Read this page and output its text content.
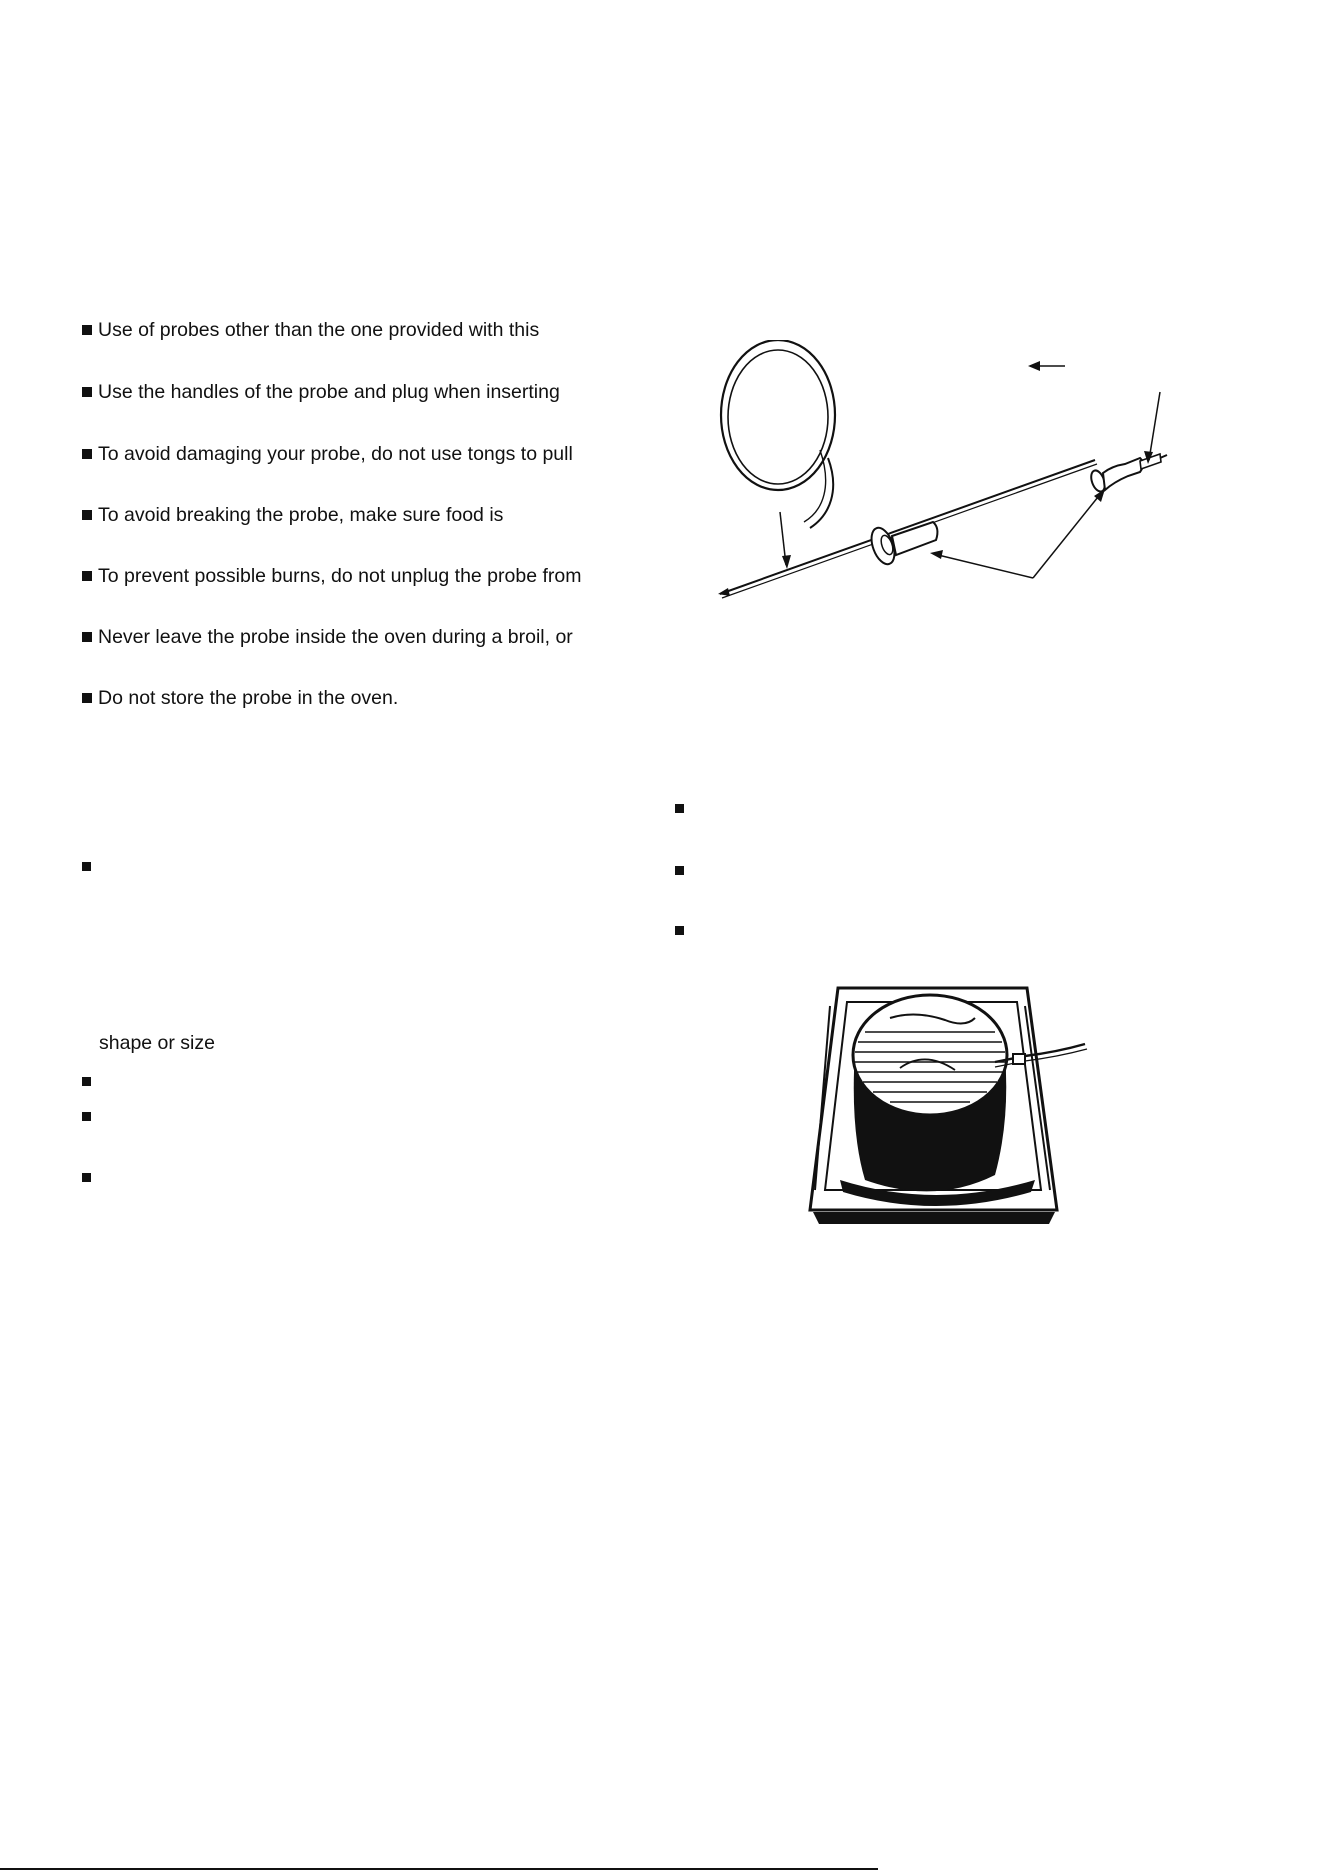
Use of probes other than the one provided with this
Use the handles of the probe and plug when inserting
To avoid damaging your probe, do not use tongs to pull
To avoid breaking the probe, make sure food is
To prevent possible burns, do not unplug the probe from
Never leave the probe inside the oven during a broil, or
Do not store the probe in the oven.
shape or size
